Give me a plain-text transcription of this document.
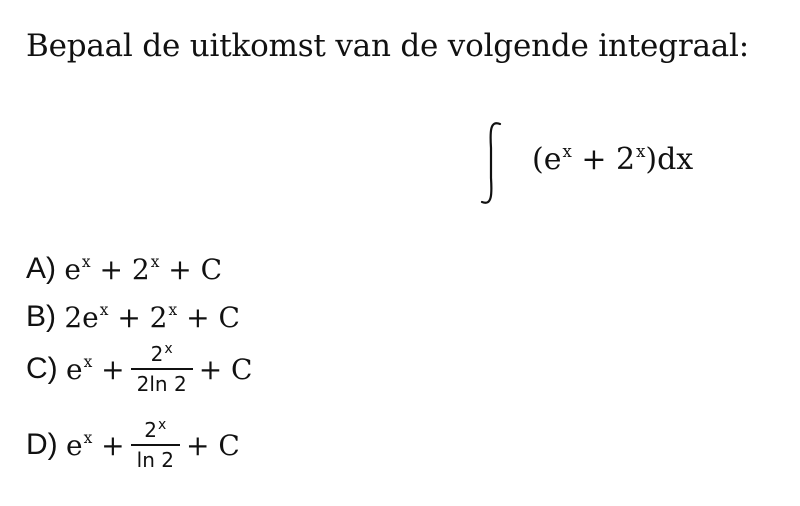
Bepaal de uitkomst van de volgende integraal:
$(e^x + 2^x)dx$
A)
$e^x + 2^x + C$
B)
$2e^x + 2^x + C$
C)
$e^x + \frac{2^x}{2\ln 2} + C$
D)
$e^x + \frac{2^x}{\ln 2} + C$
